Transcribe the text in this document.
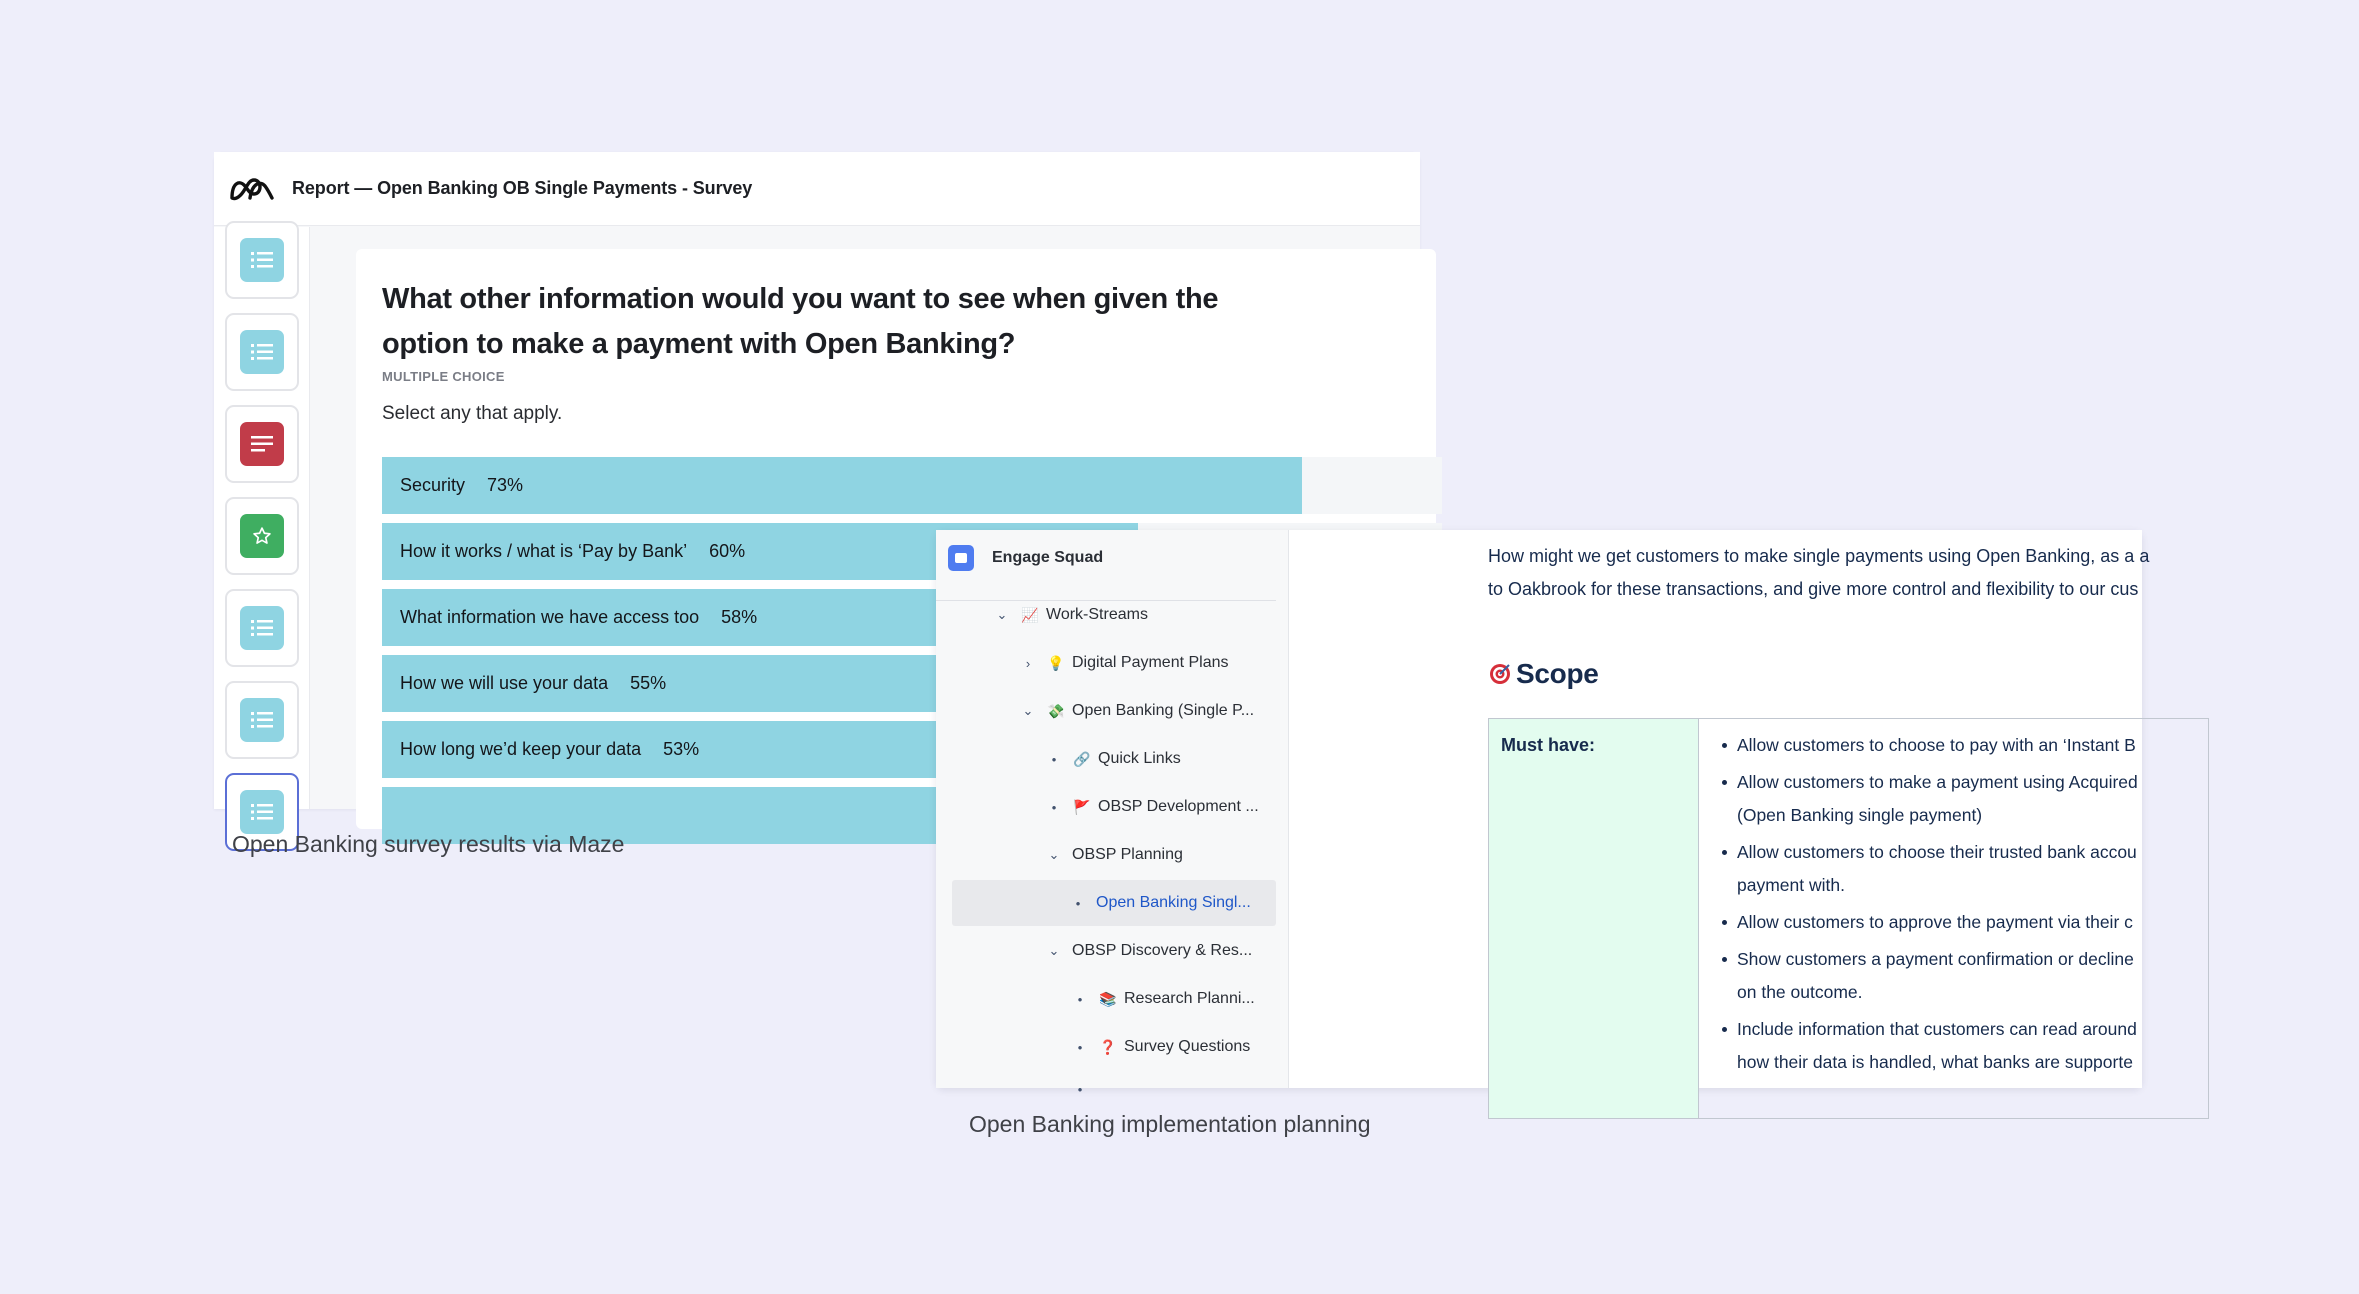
Report — Open Banking OB Single Payments - Survey
What other information would you want to see when given the option to make a payment with Open Banking?
MULTIPLE CHOICE
Select any that apply.
Security 73%
How it works / what is ‘Pay by Bank’ 60%
What information we have access too 58%
How we will use your data 55%
How long we’d keep your data 53%
Open Banking survey results via Maze
Engage Squad
⌄ 📈 Work-Streams
›	💡 Digital Payment Plans
⌄ 💸 Open Banking (Single P...
•	🔗 Quick Links
•	🚩 OBSP Development ...
⌄ OBSP Planning
• Open Banking Singl...
⌄ OBSP Discovery & Res...
•	📚 Research Planni...
•	❓ Survey Questions
•
How might we get customers to make single payments using Open Banking, as a a
to Oakbrook for these transactions, and give more control and flexibility to our cus
Scope
Must have:	Allow customers to choose to pay with an ‘Instant B
Allow customers to make a payment using Acquired
(Open Banking single payment)
Allow customers to choose their trusted bank accou
payment with.
Allow customers to approve the payment via their c
Show customers a payment confirmation or decline
on the outcome.
Include information that customers can read around
how their data is handled, what banks are supporte
Open Banking implementation planning
